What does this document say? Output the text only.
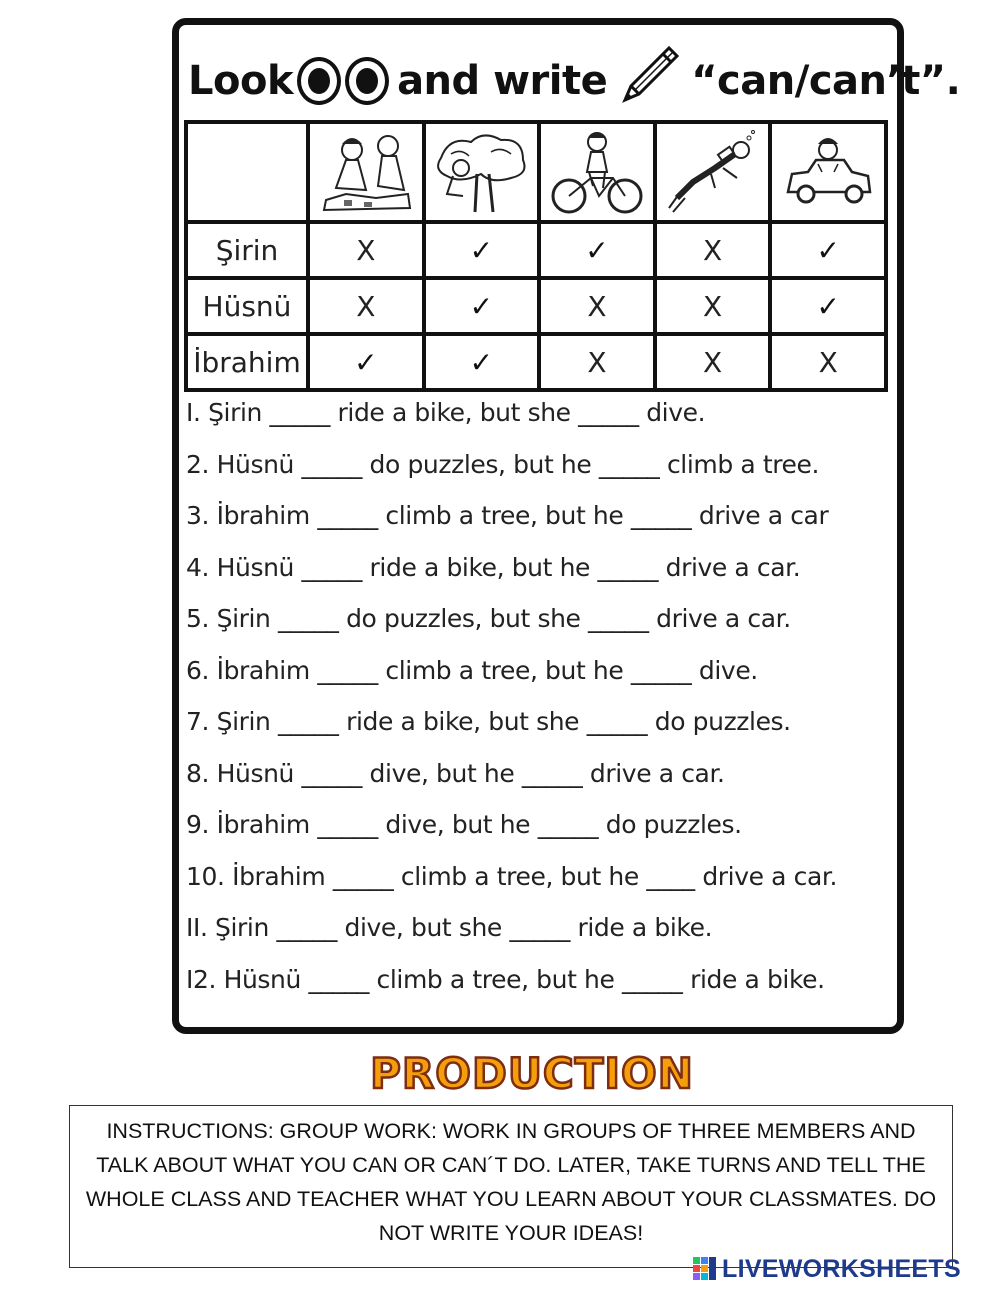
Look	and write “can/can’t”.

Şirin	X	✓	✓	X	✓
Hüsnü	X	✓	X	X	✓
İbrahim	✓	✓	X	X	X
I. Şirin _____ ride a bike, but she _____ dive.
2. Hüsnü _____ do puzzles, but he _____ climb a tree.
3. İbrahim _____ climb a tree, but he _____ drive a car
4. Hüsnü _____ ride a bike, but he _____ drive a car.
5. Şirin _____ do puzzles, but she _____ drive a car.
6. İbrahim _____ climb a tree, but he _____ dive.
7. Şirin _____ ride a bike, but she _____ do puzzles.
8. Hüsnü _____ dive, but he _____ drive a car.
9. İbrahim _____ dive, but he _____ do puzzles.
10. İbrahim _____ climb a tree, but he ____ drive a car.
II. Şirin _____ dive, but she _____ ride a bike.
I2. Hüsnü _____ climb a tree, but he _____ ride a bike.
PRODUCTION
INSTRUCTIONS: GROUP WORK: WORK IN GROUPS OF THREE MEMBERS AND TALK ABOUT WHAT YOU CAN OR CAN´T DO. LATER, TAKE TURNS AND TELL THE WHOLE CLASS AND TEACHER WHAT YOU LEARN ABOUT YOUR CLASSMATES. DO NOT WRITE YOUR IDEAS!
LIVEWORKSHEETS
